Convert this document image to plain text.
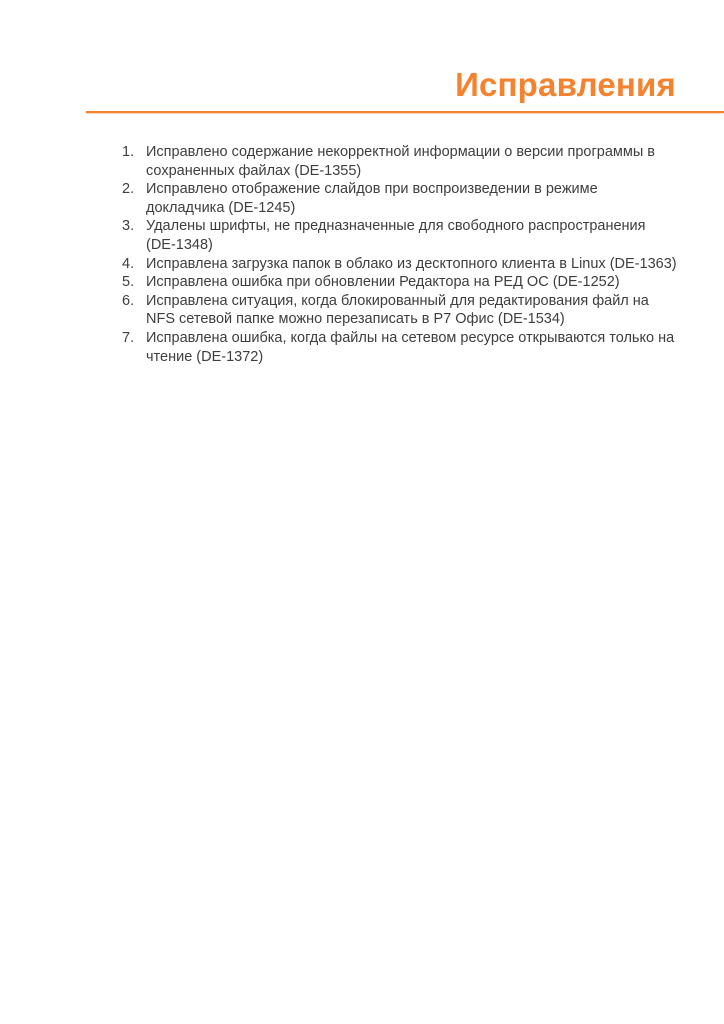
Исправления
1. Исправлено содержание некорректной информации о версии программы в сохраненных файлах (DE-1355)
2. Исправлено отображение слайдов при воспроизведении в режиме докладчика (DE-1245)
3. Удалены шрифты, не предназначенные для свободного распространения (DE-1348)
4. Исправлена загрузка папок в облако из десктопного клиента в Linux (DE-1363)
5. Исправлена ошибка при обновлении Редактора на РЕД ОС (DE-1252)
6. Исправлена ситуация, когда блокированный для редактирования файл на NFS сетевой папке можно перезаписать в Р7 Офис (DE-1534)
7. Исправлена ошибка, когда файлы на сетевом ресурсе открываются только на чтение (DE-1372)
